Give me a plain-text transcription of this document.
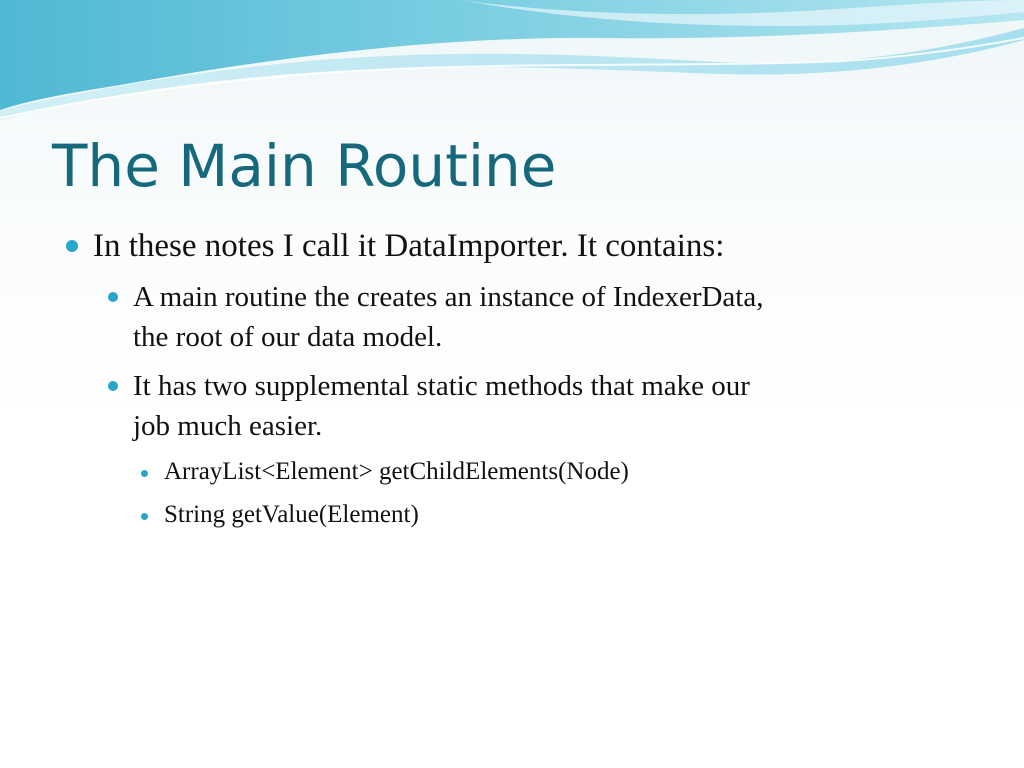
The Main Routine
In these notes I call it DataImporter. It contains:
A main routine the creates an instance of IndexerData,
the root of our data model.
It has two supplemental static methods that make our
job much easier.
ArrayList<Element> getChildElements(Node)
String getValue(Element)
